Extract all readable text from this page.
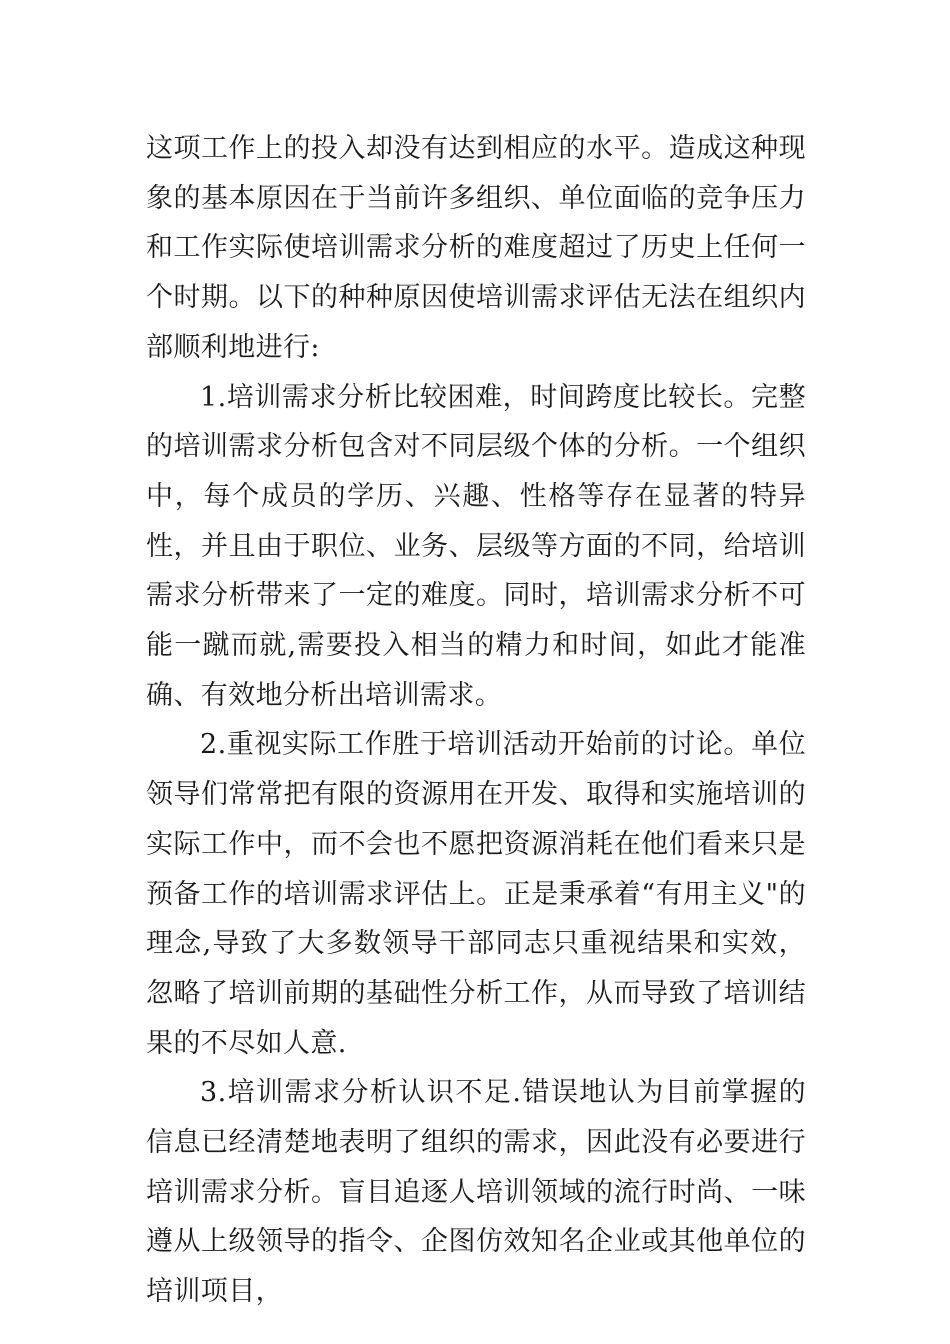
这项工作上的投入却没有达到相应的水平。造成这种现象的基本原因在于当前许多组织、单位面临的竞争压力和工作实际使培训需求分析的难度超过了历史上任何一个时期。以下的种种原因使培训需求评估无法在组织内部顺利地进行:

1.培训需求分析比较困难，时间跨度比较长。完整的培训需求分析包含对不同层级个体的分析。一个组织中，每个成员的学历、兴趣、性格等存在显著的特异性，并且由于职位、业务、层级等方面的不同，给培训需求分析带来了一定的难度。同时，培训需求分析不可能一蹴而就,需要投入相当的精力和时间，如此才能准确、有效地分析出培训需求。

2.重视实际工作胜于培训活动开始前的讨论。单位领导们常常把有限的资源用在开发、取得和实施培训的实际工作中，而不会也不愿把资源消耗在他们看来只是预备工作的培训需求评估上。正是秉承着“有用主义"的理念,导致了大多数领导干部同志只重视结果和实效，忽略了培训前期的基础性分析工作，从而导致了培训结果的不尽如人意.

3.培训需求分析认识不足.错误地认为目前掌握的信息已经清楚地表明了组织的需求，因此没有必要进行培训需求分析。盲目追逐人培训领域的流行时尚、一味遵从上级领导的指令、企图仿效知名企业或其他单位的培训项目，
